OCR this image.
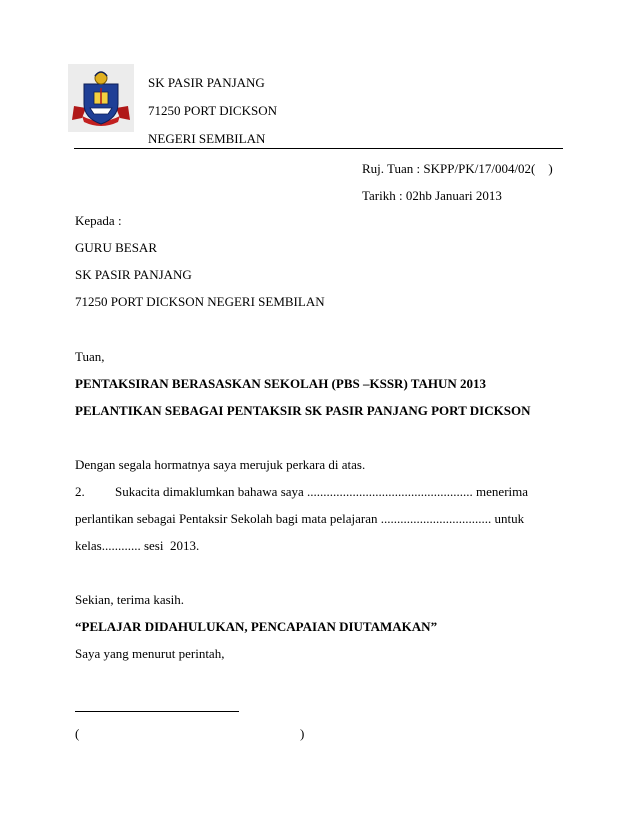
SK PASIR PANJANG
71250 PORT DICKSON
NEGERI SEMBILAN
Ruj. Tuan : SKPP/PK/17/004/02(    )
Tarikh : 02hb Januari 2013
Kepada :
GURU BESAR
SK PASIR PANJANG
71250 PORT DICKSON NEGERI SEMBILAN
Tuan,
PENTAKSIRAN BERASASKAN SEKOLAH (PBS –KSSR) TAHUN 2013
PELANTIKAN SEBAGAI PENTAKSIR SK PASIR PANJANG PORT DICKSON
Dengan segala hormatnya saya merujuk perkara di atas.
2. Sukacita dimaklumkan bahawa saya ................................................... menerima
perlantikan sebagai Pentaksir Sekolah bagi mata pelajaran .................................. untuk
kelas............ sesi  2013.
Sekian, terima kasih.
“PELAJAR DIDAHULUKAN, PENCAPAIAN DIUTAMAKAN”
Saya yang menurut perintah,
(	)
